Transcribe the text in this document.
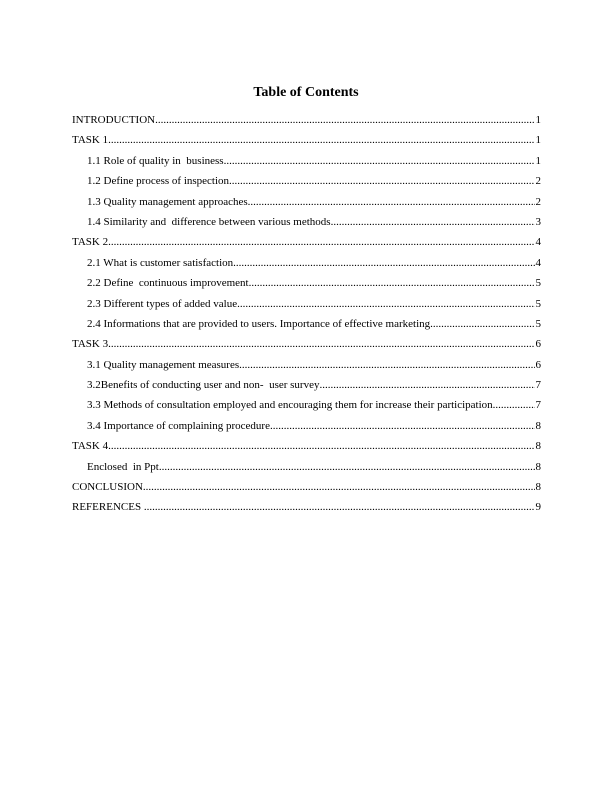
Table of Contents
INTRODUCTION .....	1
TASK 1 .....	1
1.1 Role of quality in  business .....	1
1.2 Define process of inspection .....	2
1.3 Quality management approaches .....	2
1.4 Similarity and  difference between various methods .....	3
TASK 2 .....	4
2.1 What is customer satisfaction .....	4
2.2 Define  continuous improvement .....	5
2.3 Different types of added value .....	5
2.4 Informations that are provided to users. Importance of effective marketing .....	5
TASK 3 .....	6
3.1 Quality management measures .....	6
3.2Benefits of conducting user and non-  user survey .....	7
3.3 Methods of consultation employed and encouraging them for increase their participation. .....	7
3.4 Importance of complaining procedure .....	8
TASK 4 .....	8
Enclosed  in Ppt .....	8
CONCLUSION .....	8
REFERENCES .....	9
